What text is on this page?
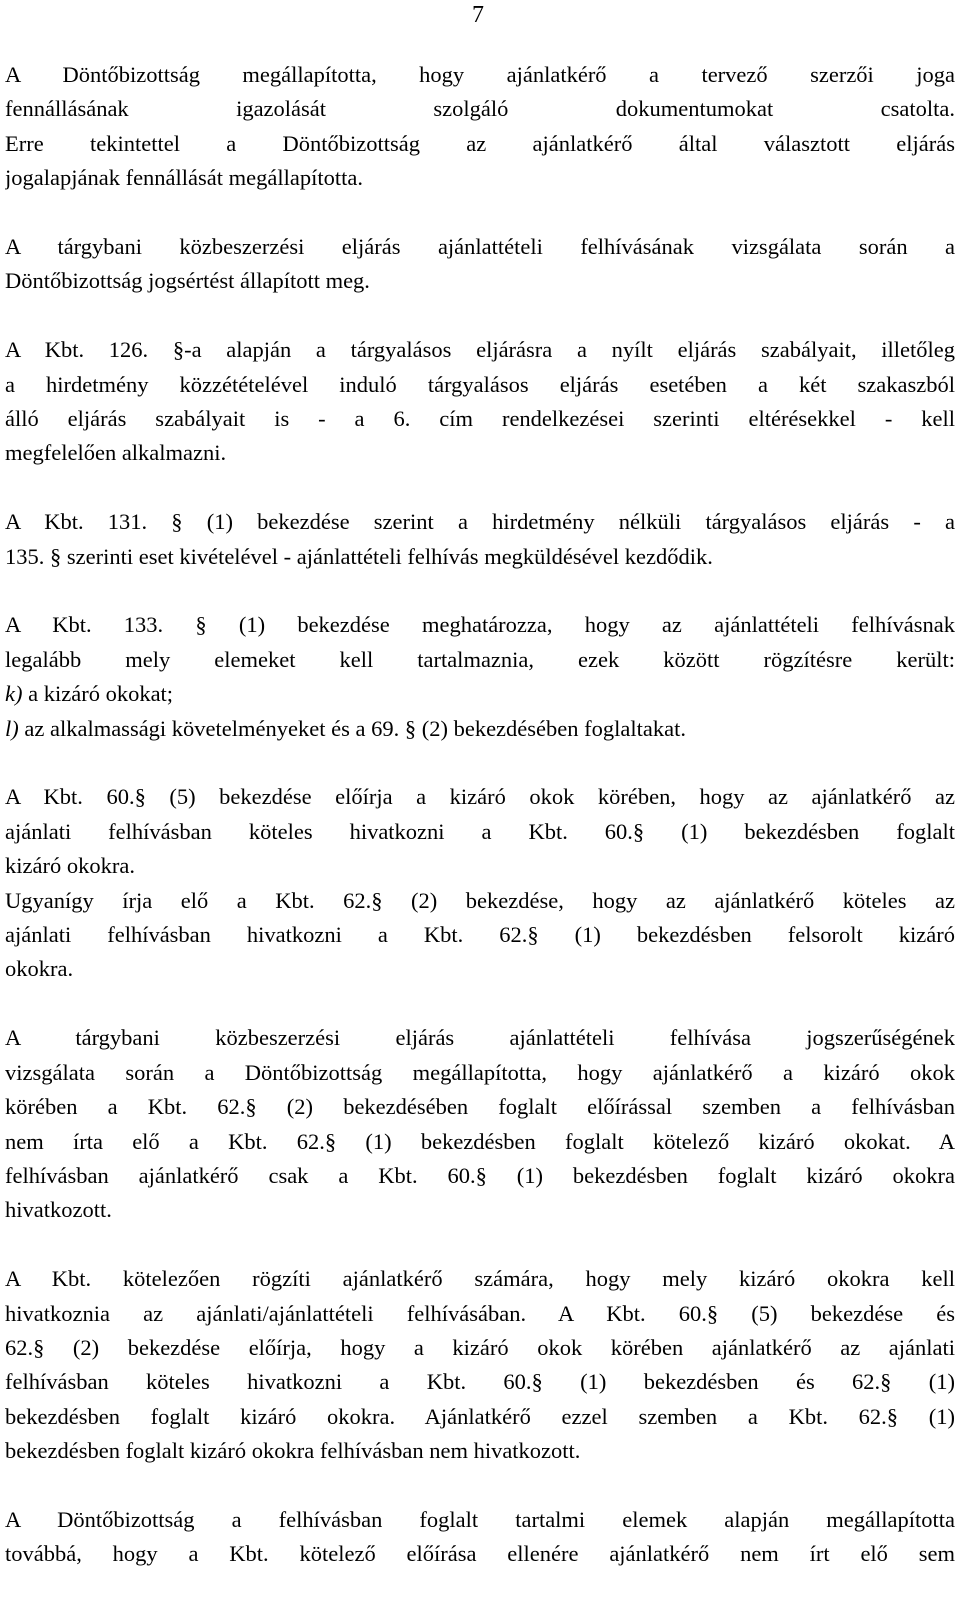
7
A Döntőbizottság megállapította, hogy ajánlatkérő a tervező szerzői joga
fennállásának igazolását szolgáló dokumentumokat csatolta.
Erre tekintettel a Döntőbizottság az ajánlatkérő által választott eljárás
jogalapjának fennállását megállapította.
A tárgybani közbeszerzési eljárás ajánlattételi felhívásának vizsgálata során a
Döntőbizottság jogsértést állapított meg.
A Kbt. 126. §-a alapján a tárgyalásos eljárásra a nyílt eljárás szabályait, illetőleg
a hirdetmény közzétételével induló tárgyalásos eljárás esetében a két szakaszból
álló eljárás szabályait is - a 6. cím rendelkezései szerinti eltérésekkel - kell
megfelelően alkalmazni.
A Kbt. 131. § (1) bekezdése szerint a hirdetmény nélküli tárgyalásos eljárás - a
135. § szerinti eset kivételével - ajánlattételi felhívás megküldésével kezdődik.
A Kbt. 133. § (1) bekezdése meghatározza, hogy az ajánlattételi felhívásnak
legalább mely elemeket kell tartalmaznia, ezek között rögzítésre került:
k) a kizáró okokat;
l) az alkalmassági követelményeket és a 69. § (2) bekezdésében foglaltakat.
A Kbt. 60.§ (5) bekezdése előírja a kizáró okok körében, hogy az ajánlatkérő az
ajánlati felhívásban köteles hivatkozni a Kbt. 60.§ (1) bekezdésben foglalt
kizáró okokra.
Ugyanígy írja elő a Kbt. 62.§ (2) bekezdése, hogy az ajánlatkérő köteles az
ajánlati felhívásban hivatkozni a Kbt. 62.§ (1) bekezdésben felsorolt kizáró
okokra.
A tárgybani közbeszerzési eljárás ajánlattételi felhívása jogszerűségének
vizsgálata során a Döntőbizottság megállapította, hogy ajánlatkérő a kizáró okok
körében a Kbt. 62.§ (2) bekezdésében foglalt előírással szemben a felhívásban
nem írta elő a Kbt. 62.§ (1) bekezdésben foglalt kötelező kizáró okokat. A
felhívásban ajánlatkérő csak a Kbt. 60.§ (1) bekezdésben foglalt kizáró okokra
hivatkozott.
A Kbt. kötelezően rögzíti ajánlatkérő számára, hogy mely kizáró okokra kell
hivatkoznia az ajánlati/ajánlattételi felhívásában. A Kbt. 60.§ (5) bekezdése és
62.§ (2) bekezdése előírja, hogy a kizáró okok körében ajánlatkérő az ajánlati
felhívásban köteles hivatkozni a Kbt. 60.§ (1) bekezdésben és 62.§ (1)
bekezdésben foglalt kizáró okokra. Ajánlatkérő ezzel szemben a Kbt. 62.§ (1)
bekezdésben foglalt kizáró okokra felhívásban nem hivatkozott.
A Döntőbizottság a felhívásban foglalt tartalmi elemek alapján megállapította
továbbá, hogy a Kbt. kötelező előírása ellenére ajánlatkérő nem írt elő sem
